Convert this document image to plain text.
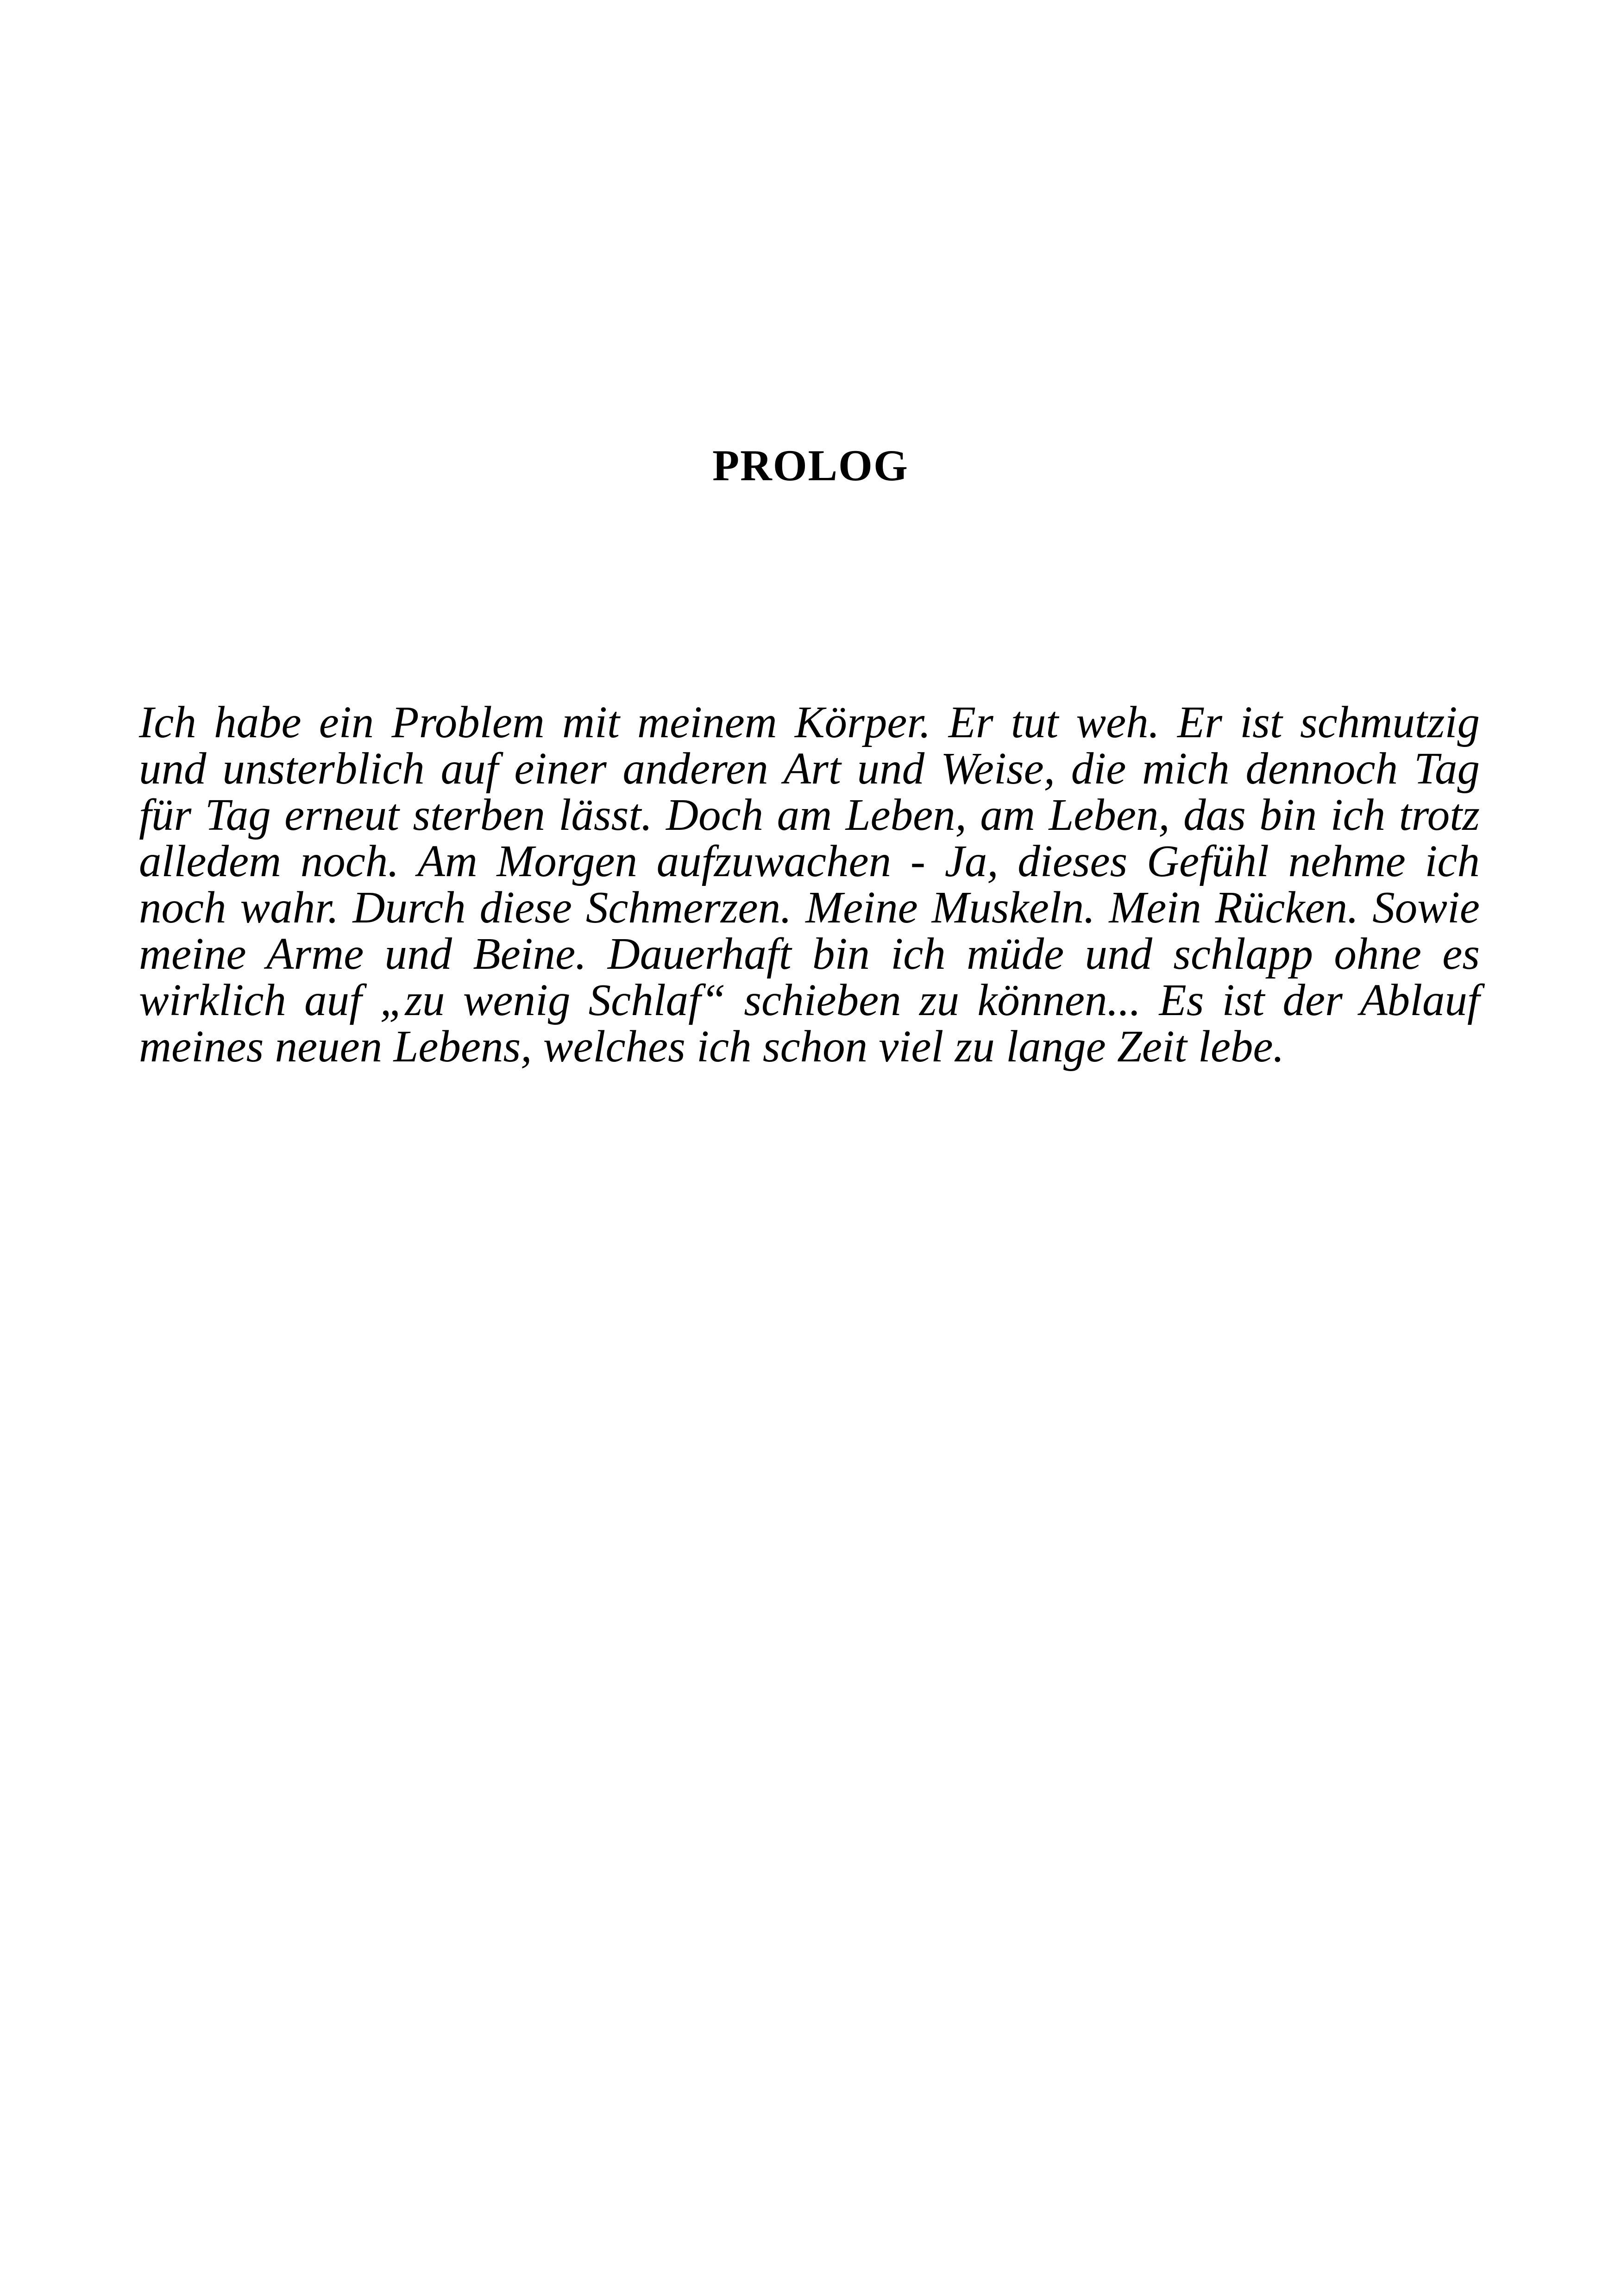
PROLOG
Ich habe ein Problem mit meinem Körper. Er tut weh. Er ist schmutzig
und unsterblich auf einer anderen Art und Weise, die mich dennoch Tag
für Tag erneut sterben lässt. Doch am Leben, am Leben, das bin ich trotz
alledem noch. Am Morgen aufzuwachen - Ja, dieses Gefühl nehme ich
noch wahr. Durch diese Schmerzen. Meine Muskeln. Mein Rücken. Sowie
meine Arme und Beine. Dauerhaft bin ich müde und schlapp ohne es
wirklich auf „zu wenig Schlaf“ schieben zu können... Es ist der Ablauf
meines neuen Lebens, welches ich schon viel zu lange Zeit lebe.
